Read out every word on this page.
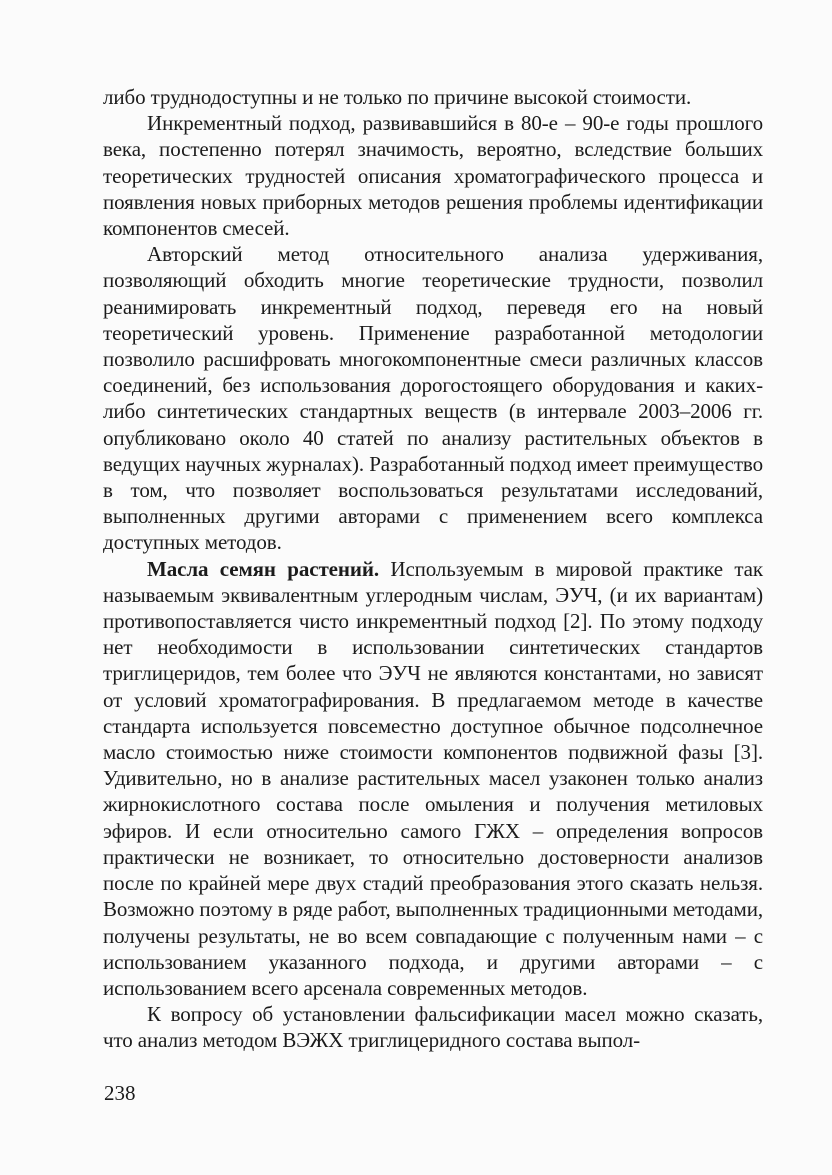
либо труднодоступны и не только по причине высокой стоимости.

Инкрементный подход, развивавшийся в 80-е – 90-е годы прошлого века, постепенно потерял значимость, вероятно, вследствие больших теоретических трудностей описания хроматографического процесса и появления новых приборных методов решения проблемы идентификации компонентов смесей.

Авторский метод относительного анализа удерживания, позволяющий обходить многие теоретические трудности, позволил реанимировать инкрементный подход, переведя его на новый теоретический уровень. Применение разработанной методологии позволило расшифровать многокомпонентные смеси различных классов соединений, без использования дорогостоящего оборудования и каких-либо синтетических стандартных веществ (в интервале 2003–2006 гг. опубликовано около 40 статей по анализу растительных объектов в ведущих научных журналах). Разработанный подход имеет преимущество в том, что позволяет воспользоваться результатами исследований, выполненных другими авторами с применением всего комплекса доступных методов.

Масла семян растений. Используемым в мировой практике так называемым эквивалентным углеродным числам, ЭУЧ, (и их вариантам) противопоставляется чисто инкрементный подход [2]. По этому подходу нет необходимости в использовании синтетических стандартов триглицеридов, тем более что ЭУЧ не являются константами, но зависят от условий хроматографирования. В предлагаемом методе в качестве стандарта используется повсеместно доступное обычное подсолнечное масло стоимостью ниже стоимости компонентов подвижной фазы [3]. Удивительно, но в анализе растительных масел узаконен только анализ жирнокислотного состава после омыления и получения метиловых эфиров. И если относительно самого ГЖХ – определения вопросов практически не возникает, то относительно достоверности анализов после по крайней мере двух стадий преобразования этого сказать нельзя. Возможно поэтому в ряде работ, выполненных традиционными методами, получены результаты, не во всем совпадающие с полученным нами – с использованием указанного подхода, и другими авторами – с использованием всего арсенала современных методов.

К вопросу об установлении фальсификации масел можно сказать, что анализ методом ВЭЖХ триглицеридного состава выпол-

238
